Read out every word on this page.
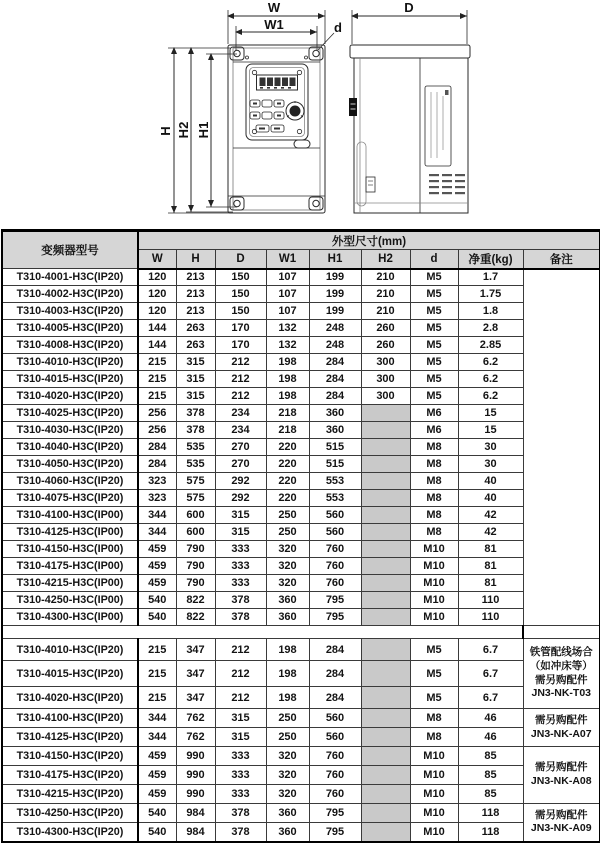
W
W1	d
D
H H2 H1
变频器型号	外型尺寸(mm)								
	W	H	D	W1	H1	H2	d	净重(kg)	备注
T310-4001-H3C(IP20)	120	213	150	107	199	210	M5	1.7	

T310-4002-H3C(IP20)	120	213	150	107	199	210	M5	1.75	
T310-4003-H3C(IP20)	120	213	150	107	199	210	M5	1.8	
T310-4005-H3C(IP20)	144	263	170	132	248	260	M5	2.8	
T310-4008-H3C(IP20)	144	263	170	132	248	260	M5	2.85	
T310-4010-H3C(IP20)	215	315	212	198	284	300	M5	6.2	
T310-4015-H3C(IP20)	215	315	212	198	284	300	M5	6.2	
T310-4020-H3C(IP20)	215	315	212	198	284	300	M5	6.2	
T310-4025-H3C(IP20)	256	378	234	218	360		M6	15	
T310-4030-H3C(IP20)	256	378	234	218	360		M6	15	
T310-4040-H3C(IP20)	284	535	270	220	515		M8	30	
T310-4050-H3C(IP20)	284	535	270	220	515		M8	30	
T310-4060-H3C(IP20)	323	575	292	220	553		M8	40	
T310-4075-H3C(IP20)	323	575	292	220	553		M8	40	
T310-4100-H3C(IP00)	344	600	315	250	560		M8	42	
T310-4125-H3C(IP00)	344	600	315	250	560		M8	42	
T310-4150-H3C(IP00)	459	790	333	320	760		M10	81	
T310-4175-H3C(IP00)	459	790	333	320	760		M10	81	
T310-4215-H3C(IP00)	459	790	333	320	760		M10	81	
T310-4250-H3C(IP00)	540	822	378	360	795		M10	110	
T310-4300-H3C(IP00)	540	822	378	360	795		M10	110	

T310-4010-H3C(IP20)	215	347	212	198	284		M5	6.7	铁管配线场合
（如冲床等）
需另购配件
JN3-NK-T03

T310-4015-H3C(IP20)	215	347	212	198	284		M5	6.7	
T310-4020-H3C(IP20)	215	347	212	198	284		M5	6.7	
T310-4100-H3C(IP20)	344	762	315	250	560		M8	46	需另购配件
JN3-NK-A07

T310-4125-H3C(IP20)	344	762	315	250	560		M8	46	
T310-4150-H3C(IP20)	459	990	333	320	760		M10	85	需另购配件
JN3-NK-A08

T310-4175-H3C(IP20)	459	990	333	320	760		M10	85	
T310-4215-H3C(IP20)	459	990	333	320	760		M10	85	
T310-4250-H3C(IP20)	540	984	378	360	795		M10	118	需另购配件
JN3-NK-A09

T310-4300-H3C(IP20)	540	984	378	360	795		M10	118	
